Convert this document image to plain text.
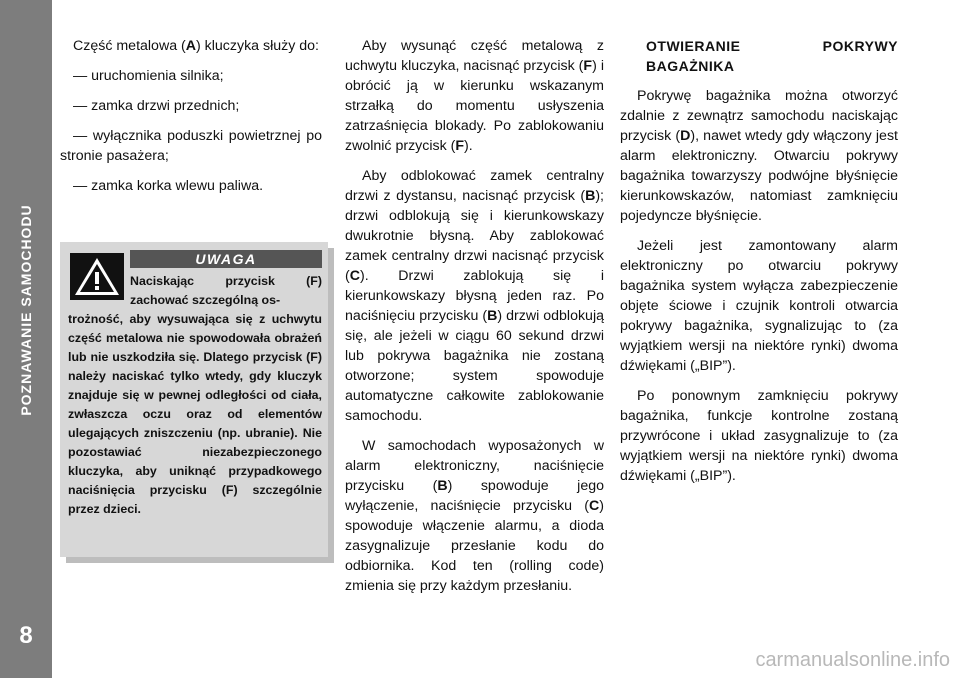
POZNAWANIE SAMOCHODU
8

Część metalowa (A) kluczyka służy do:

— uruchomienia silnika;

— zamka drzwi przednich;

— wyłącznika poduszki powietrznej po stronie pasażera;

— zamka korka wlewu paliwa.

UWAGA
Naciskając przycisk (F) zachować szczególną os-
trożność, aby wysuwająca się z uchwytu część metalowa nie spowodowała obrażeń lub nie uszkodziła się. Dlatego przycisk (F) należy naciskać tylko wtedy, gdy kluczyk znajduje się w pewnej odległości od ciała, zwłaszcza oczu oraz od elementów ulegających zniszczeniu (np. ubranie). Nie pozostawiać niezabezpieczonego kluczyka, aby uniknąć przypadkowego naciśnięcia przycisku (F) szczególnie przez dzieci.

Aby wysunąć część metalową z uchwytu kluczyka, nacisnąć przycisk (F) i obrócić ją w kierunku wskazanym strzałką do momentu usłyszenia zatrzaśnięcia blokady. Po zablokowaniu zwolnić przycisk (F).

Aby odblokować zamek centralny drzwi z dystansu, nacisnąć przycisk (B); drzwi odblokują się i kierunkowskazy dwukrotnie błysną. Aby zablokować zamek centralny drzwi nacisnąć przycisk (C). Drzwi zablokują się i kierunkowskazy błysną jeden raz. Po naciśnięciu przycisku (B) drzwi odblokują się, ale jeżeli w ciągu 60 sekund drzwi lub pokrywa bagażnika nie zostaną otworzone; system spowoduje automatyczne całkowite zablokowanie samochodu.

W samochodach wyposażonych w alarm elektroniczny, naciśnięcie przycisku (B) spowoduje jego wyłączenie, naciśnięcie przycisku (C) spowoduje włączenie alarmu, a dioda zasygnalizuje przesłanie kodu do odbiornika. Kod ten (rolling code) zmienia się przy każdym przesłaniu.

OTWIERANIE POKRYWY BAGAŻNIKA

Pokrywę bagażnika można otworzyć zdalnie z zewnątrz samochodu naciskając przycisk (D), nawet wtedy gdy włączony jest alarm elektroniczny. Otwarciu pokrywy bagażnika towarzyszy podwójne błyśnięcie kierunkowskazów, natomiast zamknięciu pojedyncze błyśnięcie.

Jeżeli jest zamontowany alarm elektroniczny po otwarciu pokrywy bagażnika system wyłącza zabezpieczenie objęte ściowe i czujnik kontroli otwarcia pokrywy bagażnika, sygnalizując to (za wyjątkiem wersji na niektóre rynki) dwoma dźwiękami („BIP”).

Po ponownym zamknięciu pokrywy bagażnika, funkcje kontrolne zostaną przywrócone i układ zasygnalizuje to (za wyjątkiem wersji na niektóre rynki) dwoma dźwiękami („BIP”).

carmanualsonline.info
